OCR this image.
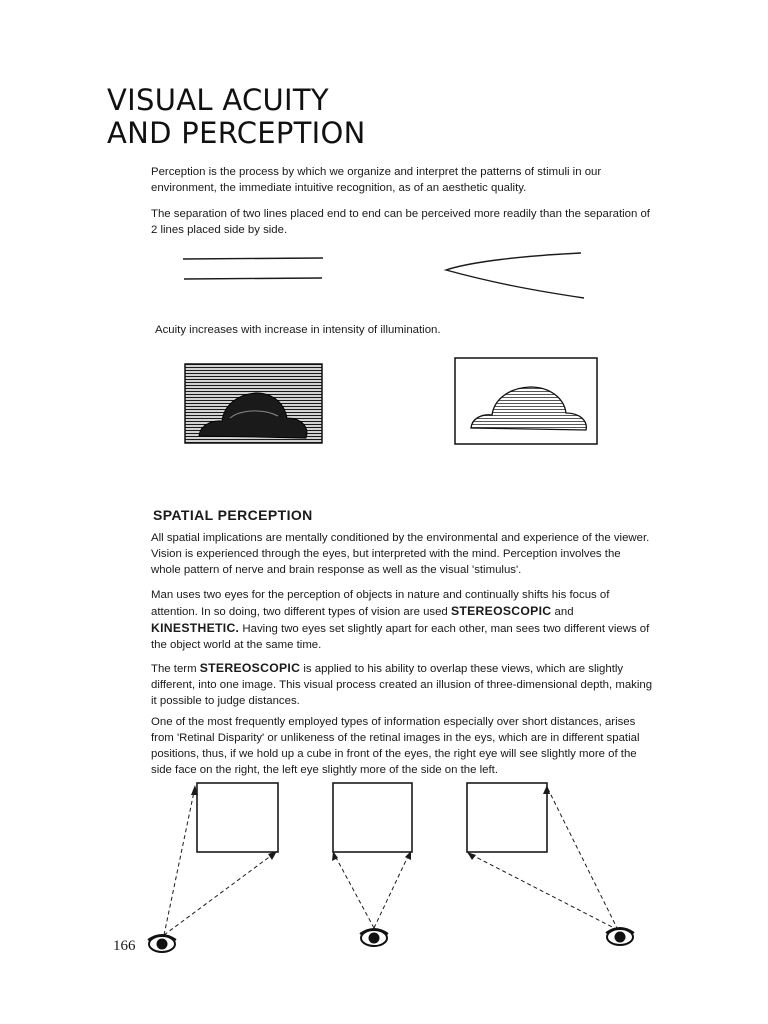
VISUAL ACUITY
AND PERCEPTION

Perception is the process by which we organize and interpret the patterns of stimuli in our environment, the immediate intuitive recognition, as of an aesthetic quality.

The separation of two lines placed end to end can be perceived more readily than the separation of 2 lines placed side by side.

Acuity increases with increase in intensity of illumination.

SPATIAL PERCEPTION

All spatial implications are mentally conditioned by the environmental and experience of the viewer. Vision is experienced through the eyes, but interpreted with the mind. Perception involves the whole pattern of nerve and brain response as well as the visual 'stimulus'.

Man uses two eyes for the perception of objects in nature and continually shifts his focus of attention. In so doing, two different types of vision are used STEREOSCOPIC and KINESTHETIC. Having two eyes set slightly apart for each other, man sees two different views of the object world at the same time.

The term STEREOSCOPIC is applied to his ability to overlap these views, which are slightly different, into one image. This visual process created an illusion of three-dimensional depth, making it possible to judge distances.

One of the most frequently employed types of information especially over short distances, arises from 'Retinal Disparity' or unlikeness of the retinal images in the eys, which are in different spatial positions, thus, if we hold up a cube in front of the eyes, the right eye will see slightly more of the side face on the right, the left eye slightly more of the side on the left.

166
